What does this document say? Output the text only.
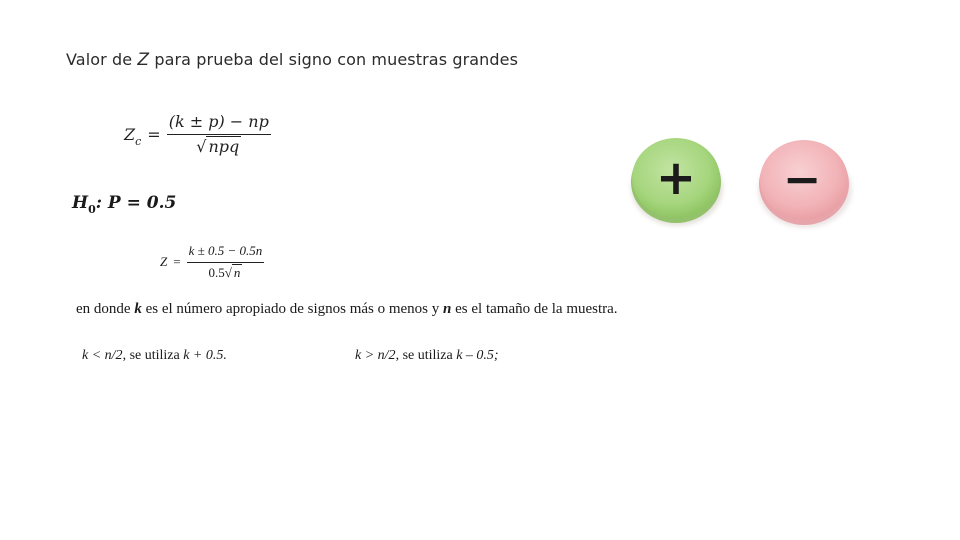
Valor de Z para prueba del signo con muestras grandes
$Z_c = \frac{(k \pm p) - np}{\text{√ npq}}$
$H_0$: P = 0.5
$Z = \frac{k \pm 0.5 - 0.5n}{0.5√ n}$
en donde k es el número apropiado de signos más o menos y n es el tamaño de la muestra.
k < n/2, se utiliza k + 0.5.	k > n/2, se utiliza k – 0.5;
+ −
